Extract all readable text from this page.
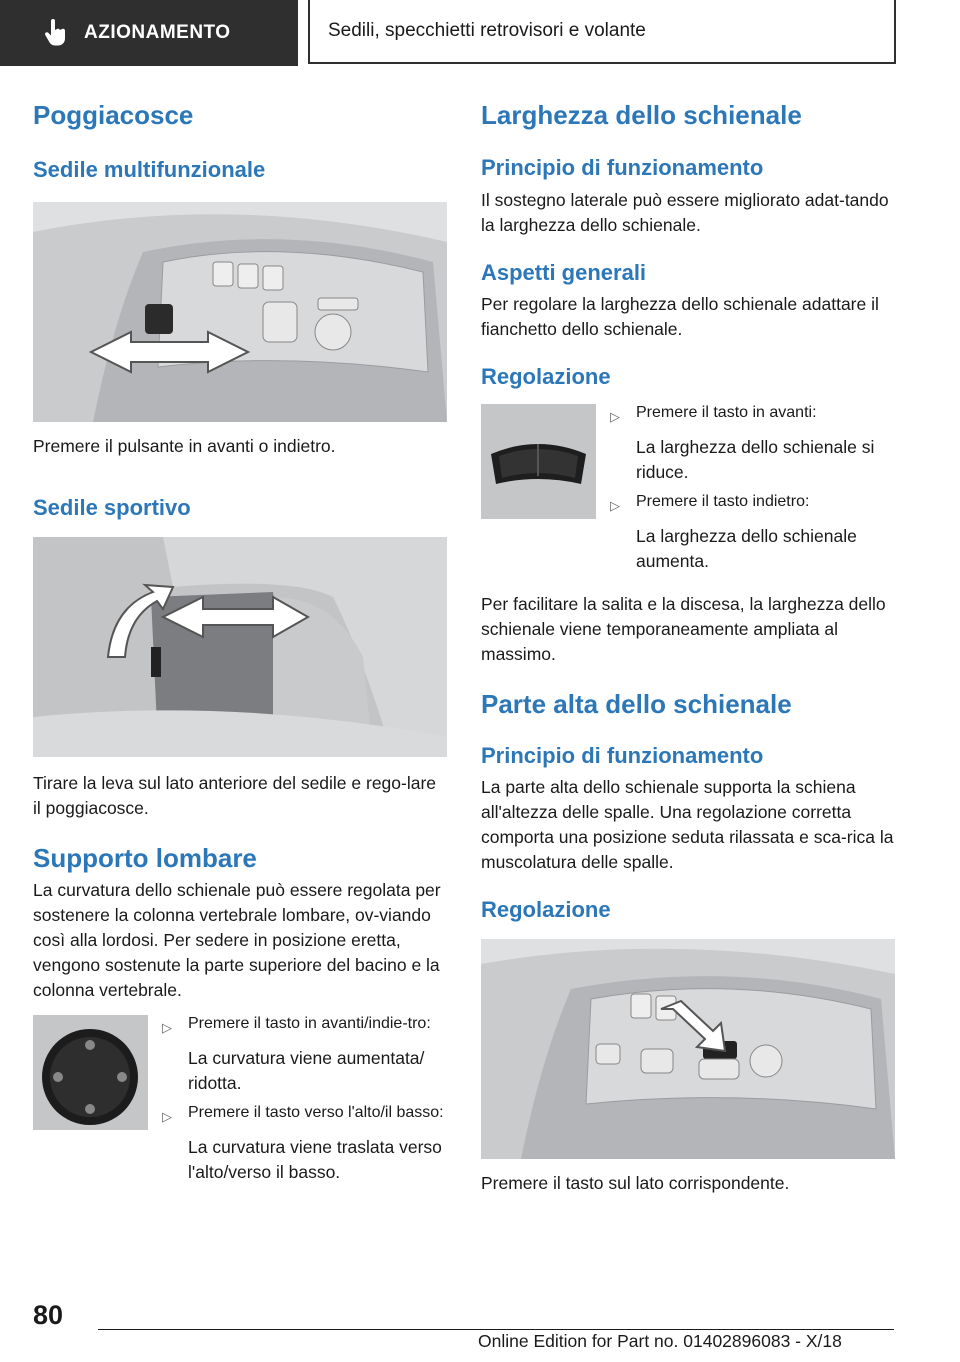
AZIONAMENTO	Sedili, specchietti retrovisori e volante
Poggiacosce
Sedile multifunzionale

Premere il pulsante in avanti o indietro.

Sedile sportivo

Tirare la leva sul lato anteriore del sedile e rego-lare il poggiacosce.

Supporto lombare

La curvatura dello schienale può essere regolata per sostenere la colonna vertebrale lombare, ov-viando così alla lordosi. Per sedere in posizione eretta, vengono sostenute la parte superiore del bacino e la colonna vertebrale.

▷	Premere il tasto in avanti/indie-tro:

La curvatura viene aumentata/ ridotta.

▷	Premere il tasto verso l'alto/il basso:

La curvatura viene traslata verso l'alto/verso il basso.

Larghezza dello schienale
Principio di funzionamento

Il sostegno laterale può essere migliorato adat-tando la larghezza dello schienale.

Aspetti generali

Per regolare la larghezza dello schienale adattare il fianchetto dello schienale.

Regolazione
▷	Premere il tasto in avanti:

La larghezza dello schienale si riduce.

▷	Premere il tasto indietro:

La larghezza dello schienale aumenta.

Per facilitare la salita e la discesa, la larghezza dello schienale viene temporaneamente ampliata al massimo.

Parte alta dello schienale
Principio di funzionamento

La parte alta dello schienale supporta la schiena all'altezza delle spalle. Una regolazione corretta comporta una posizione seduta rilassata e sca-rica la muscolatura delle spalle.

Regolazione

Premere il tasto sul lato corrispondente.

80
Online Edition for Part no. 01402896083 - X/18
